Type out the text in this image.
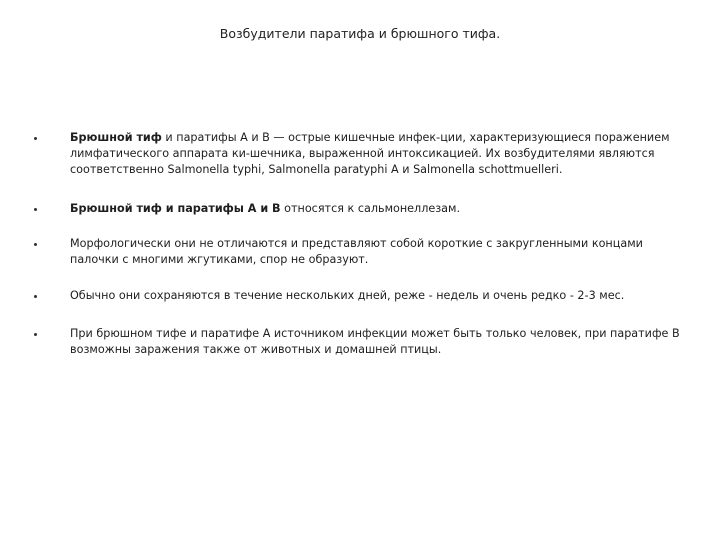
Возбудители паратифа и брюшного тифа.
Брюшной тиф и паратифы А и В — острые кишечные инфек-ции, характеризующиеся поражением лимфатического аппарата ки-шечника, выраженной интоксикацией. Их возбудителями являются соответственно Salmonella typhi, Salmonella paratyphi A и Salmonella schottmuelleri.
Брюшной тиф и паратифы А и В относятся к сальмонеллезам.
Морфологически они не отличаются и представляют собой короткие с закругленными концами палочки с многими жгутиками, спор не образуют.
Обычно они сохраняются в течение нескольких дней, реже - недель и очень редко - 2-3 мес.
При брюшном тифе и паратифе А источником инфекции может быть только человек, при паратифе В возможны заражения также от животных и домашней птицы.
